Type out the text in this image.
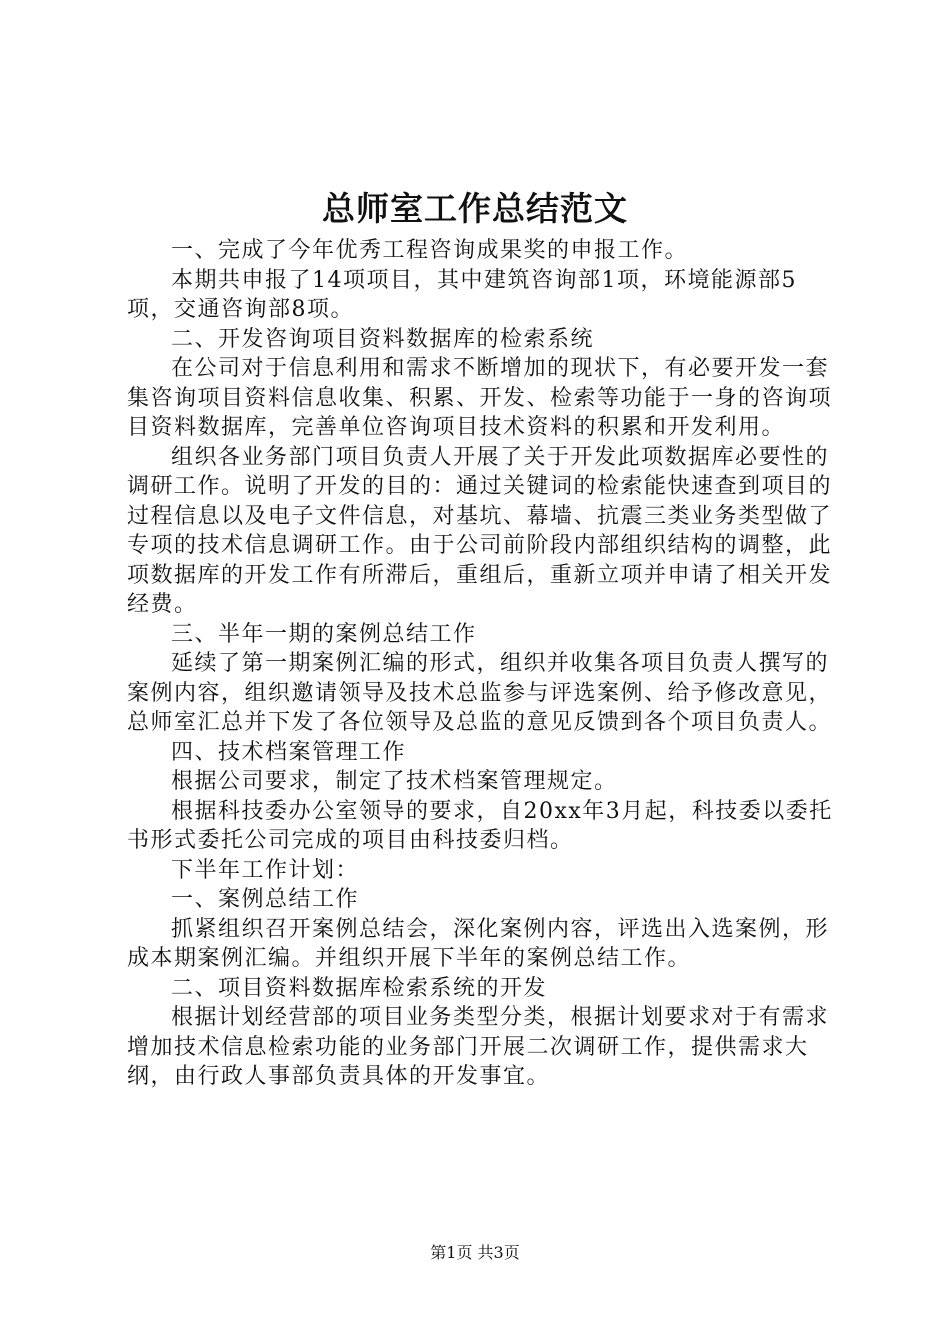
总师室工作总结范文

一、完成了今年优秀工程咨询成果奖的申报工作。

本期共申报了14项项目，其中建筑咨询部1项，环境能源部5项，交通咨询部8项。

二、开发咨询项目资料数据库的检索系统

在公司对于信息利用和需求不断增加的现状下，有必要开发一套集咨询项目资料信息收集、积累、开发、检索等功能于一身的咨询项目资料数据库，完善单位咨询项目技术资料的积累和开发利用。

组织各业务部门项目负责人开展了关于开发此项数据库必要性的调研工作。说明了开发的目的：通过关键词的检索能快速查到项目的过程信息以及电子文件信息，对基坑、幕墙、抗震三类业务类型做了专项的技术信息调研工作。由于公司前阶段内部组织结构的调整，此项数据库的开发工作有所滞后，重组后，重新立项并申请了相关开发经费。

三、半年一期的案例总结工作

延续了第一期案例汇编的形式，组织并收集各项目负责人撰写的案例内容，组织邀请领导及技术总监参与评选案例、给予修改意见，总师室汇总并下发了各位领导及总监的意见反馈到各个项目负责人。

四、技术档案管理工作

根据公司要求，制定了技术档案管理规定。

根据科技委办公室领导的要求，自20xx年3月起，科技委以委托书形式委托公司完成的项目由科技委归档。

下半年工作计划：

一、案例总结工作

抓紧组织召开案例总结会，深化案例内容，评选出入选案例，形成本期案例汇编。并组织开展下半年的案例总结工作。

二、项目资料数据库检索系统的开发

根据计划经营部的项目业务类型分类，根据计划要求对于有需求增加技术信息检索功能的业务部门开展二次调研工作，提供需求大纲，由行政人事部负责具体的开发事宜。

第1页 共3页
